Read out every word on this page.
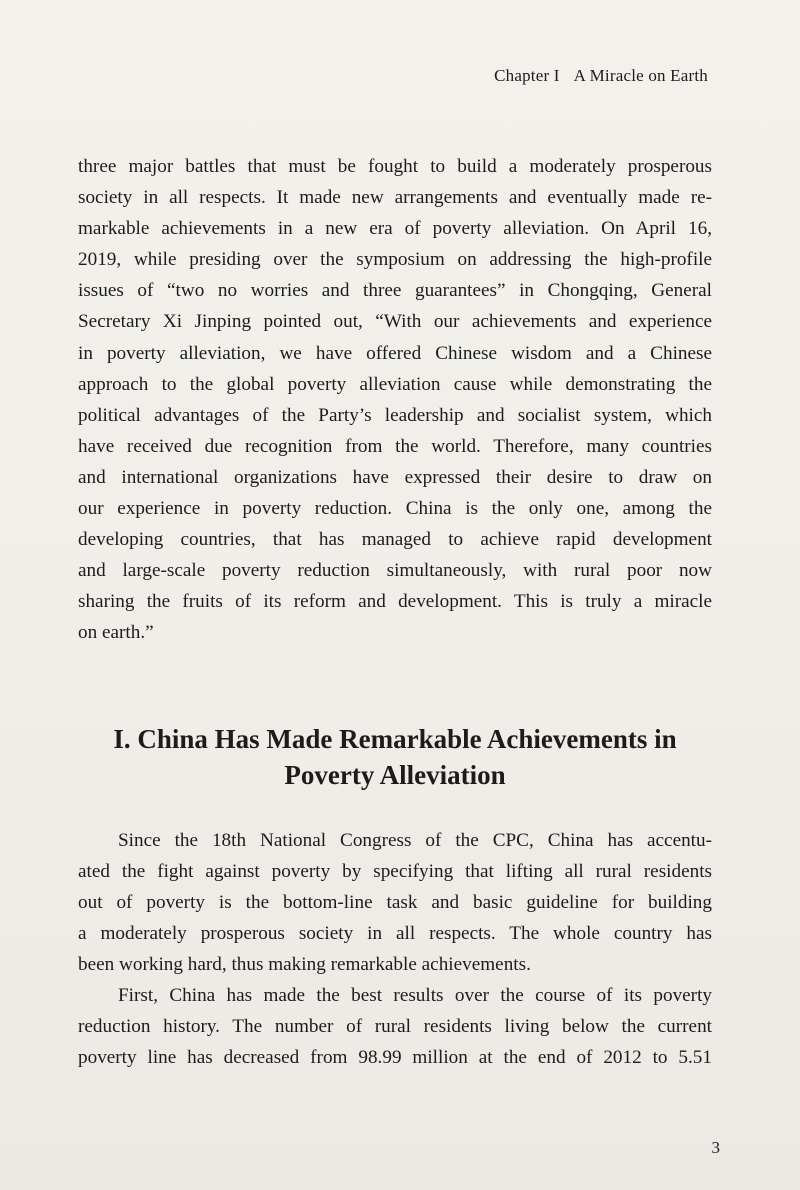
Chapter I A Miracle on Earth
three major battles that must be fought to build a moderately prosperous
society in all respects. It made new arrangements and eventually made re-
markable achievements in a new era of poverty alleviation. On April 16,
2019, while presiding over the symposium on addressing the high-profile
issues of “two no worries and three guarantees” in Chongqing, General
Secretary Xi Jinping pointed out, “With our achievements and experience
in poverty alleviation, we have offered Chinese wisdom and a Chinese
approach to the global poverty alleviation cause while demonstrating the
political advantages of the Party’s leadership and socialist system, which
have received due recognition from the world. Therefore, many countries
and international organizations have expressed their desire to draw on
our experience in poverty reduction. China is the only one, among the
developing countries, that has managed to achieve rapid development
and large-scale poverty reduction simultaneously, with rural poor now
sharing the fruits of its reform and development. This is truly a miracle
on earth.”
I. China Has Made Remarkable Achievements in
Poverty Alleviation
Since the 18th National Congress of the CPC, China has accentu-
ated the fight against poverty by specifying that lifting all rural residents
out of poverty is the bottom-line task and basic guideline for building
a moderately prosperous society in all respects. The whole country has
been working hard, thus making remarkable achievements.
First, China has made the best results over the course of its poverty
reduction history. The number of rural residents living below the current
poverty line has decreased from 98.99 million at the end of 2012 to 5.51
3
